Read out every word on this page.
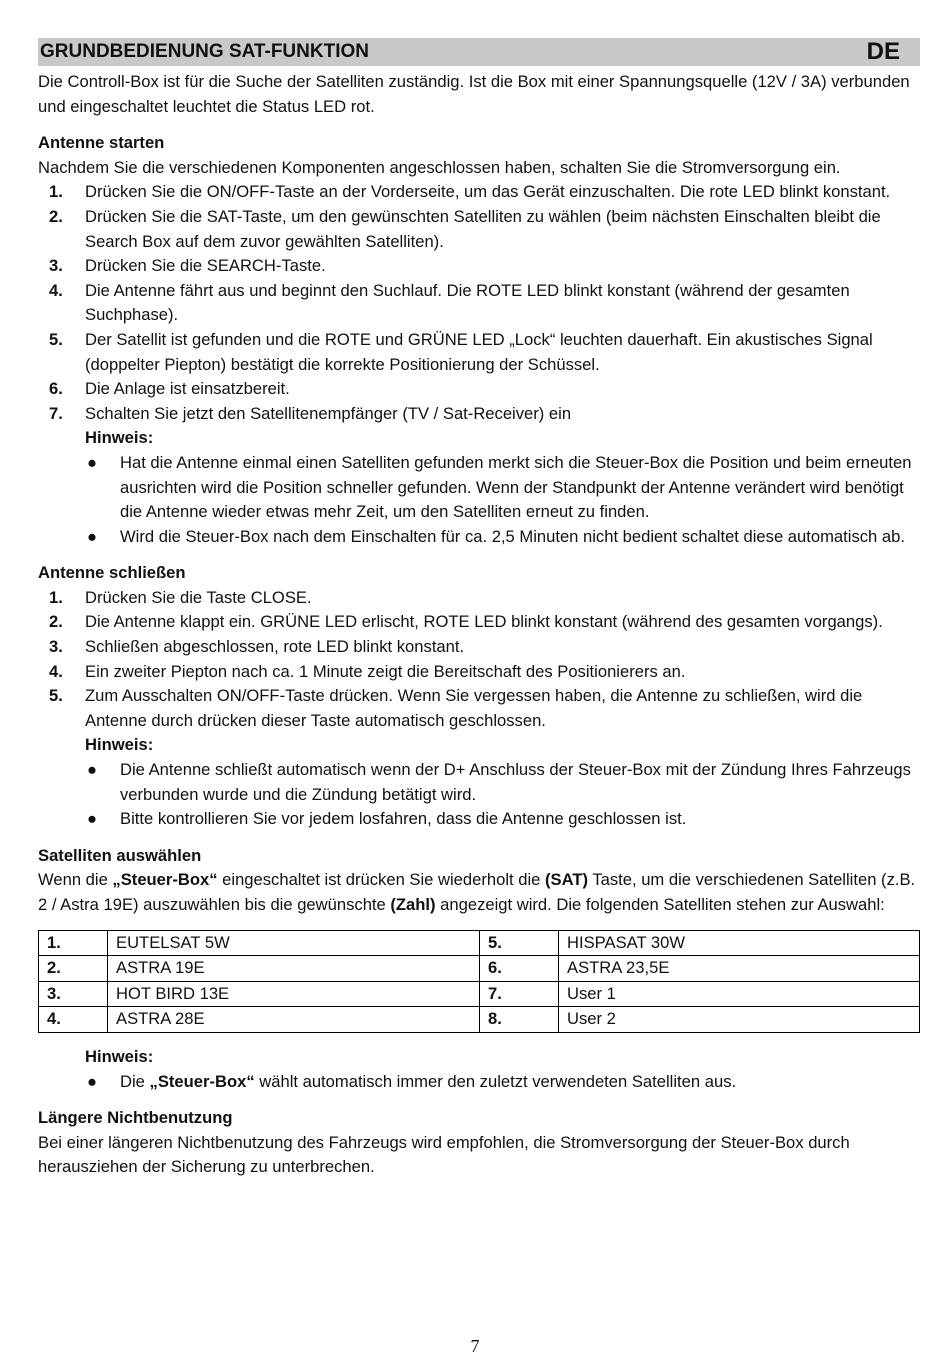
GRUNDBEDIENUNG SAT-FUNKTION	DE

Die Controll-Box ist für die Suche der Satelliten zuständig. Ist die Box mit einer Spannungsquelle (12V / 3A) verbunden und eingeschaltet leuchtet die Status LED rot.

Antenne starten

Nachdem Sie die verschiedenen Komponenten angeschlossen haben, schalten Sie die Stromversorgung ein.

1.	Drücken Sie die ON/OFF-Taste an der Vorderseite, um das Gerät einzuschalten. Die rote LED blinkt konstant.
2.	Drücken Sie die SAT-Taste, um den gewünschten Satelliten zu wählen (beim nächsten Einschalten bleibt die Search Box auf dem zuvor gewählten Satelliten).
3.	Drücken Sie die SEARCH-Taste.
4.	Die Antenne fährt aus und beginnt den Suchlauf. Die ROTE LED blinkt konstant (während der gesamten Suchphase).
5.	Der Satellit ist gefunden und die ROTE und GRÜNE LED „Lock“ leuchten dauerhaft. Ein akustisches Signal (doppelter Piepton) bestätigt die korrekte Positionierung der Schüssel.
6.	Die Anlage ist einsatzbereit.
7.	Schalten Sie jetzt den Satellitenempfänger (TV / Sat-Receiver) ein

Hinweis:

●	Hat die Antenne einmal einen Satelliten gefunden merkt sich die Steuer-Box die Position und beim erneuten ausrichten wird die Position schneller gefunden. Wenn der Standpunkt der Antenne verändert wird benötigt die Antenne wieder etwas mehr Zeit, um den Satelliten erneut zu finden.
●	Wird die Steuer-Box nach dem Einschalten für ca. 2,5 Minuten nicht bedient schaltet diese automatisch ab.

Antenne schließen

1.	Drücken Sie die Taste CLOSE.
2.	Die Antenne klappt ein. GRÜNE LED erlischt, ROTE LED blinkt konstant (während des gesamten vorgangs).
3.	Schließen abgeschlossen, rote LED blinkt konstant.
4.	Ein zweiter Piepton nach ca. 1 Minute zeigt die Bereitschaft des Positionierers an.
5.	Zum Ausschalten ON/OFF-Taste drücken. Wenn Sie vergessen haben, die Antenne zu schließen, wird die Antenne durch drücken dieser Taste automatisch geschlossen.

Hinweis:

●	Die Antenne schließt automatisch wenn der D+ Anschluss der Steuer-Box mit der Zündung Ihres Fahrzeugs verbunden wurde und die Zündung betätigt wird.
●	Bitte kontrollieren Sie vor jedem losfahren, dass die Antenne geschlossen ist.

Satelliten auswählen

Wenn die „Steuer-Box“ eingeschaltet ist drücken Sie wiederholt die (SAT) Taste, um die verschiedenen Satelliten (z.B. 2 / Astra 19E) auszuwählen bis die gewünschte (Zahl) angezeigt wird. Die folgenden Satelliten stehen zur Auswahl:

1.	EUTELSAT 5W	5.	HISPASAT 30W
2.	ASTRA 19E	6.	ASTRA 23,5E
3.	HOT BIRD 13E	7.	User 1
4.	ASTRA 28E	8.	User 2

Hinweis:

●	Die „Steuer-Box“ wählt automatisch immer den zuletzt verwendeten Satelliten aus.

Längere Nichtbenutzung

Bei einer längeren Nichtbenutzung des Fahrzeugs wird empfohlen, die Stromversorgung der Steuer-Box durch herausziehen der Sicherung zu unterbrechen.

7
